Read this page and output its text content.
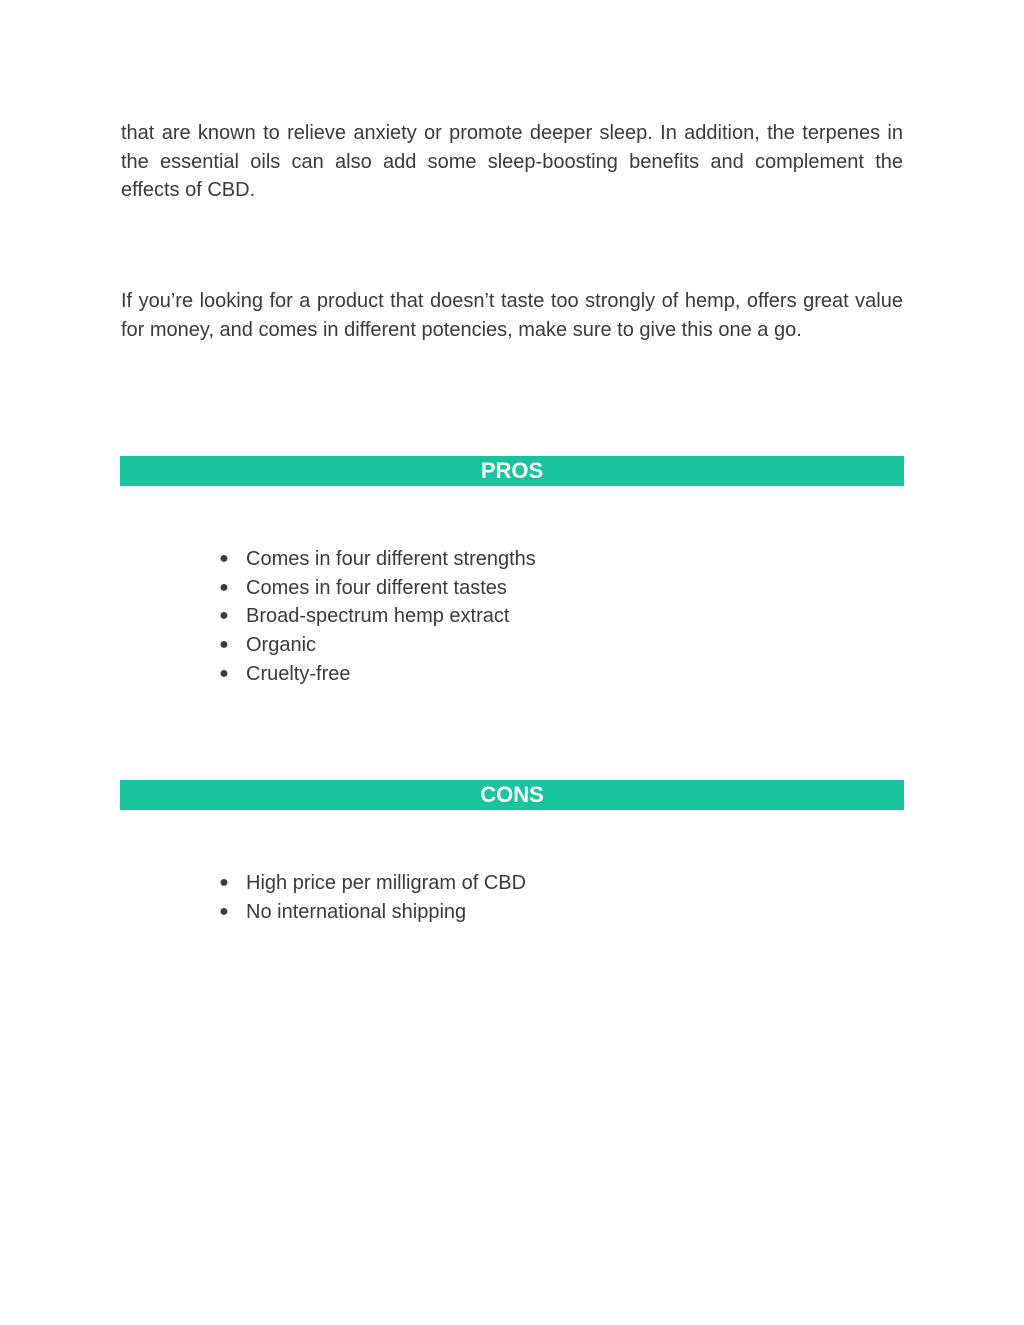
that are known to relieve anxiety or promote deeper sleep. In addition, the terpenes in the essential oils can also add some sleep-boosting benefits and complement the effects of CBD.

If you’re looking for a product that doesn’t taste too strongly of hemp, offers great value for money, and comes in different potencies, make sure to give this one a go.

PROS
● Comes in four different strengths
● Comes in four different tastes
● Broad-spectrum hemp extract
● Organic
● Cruelty-free
CONS
● High price per milligram of CBD
● No international shipping
